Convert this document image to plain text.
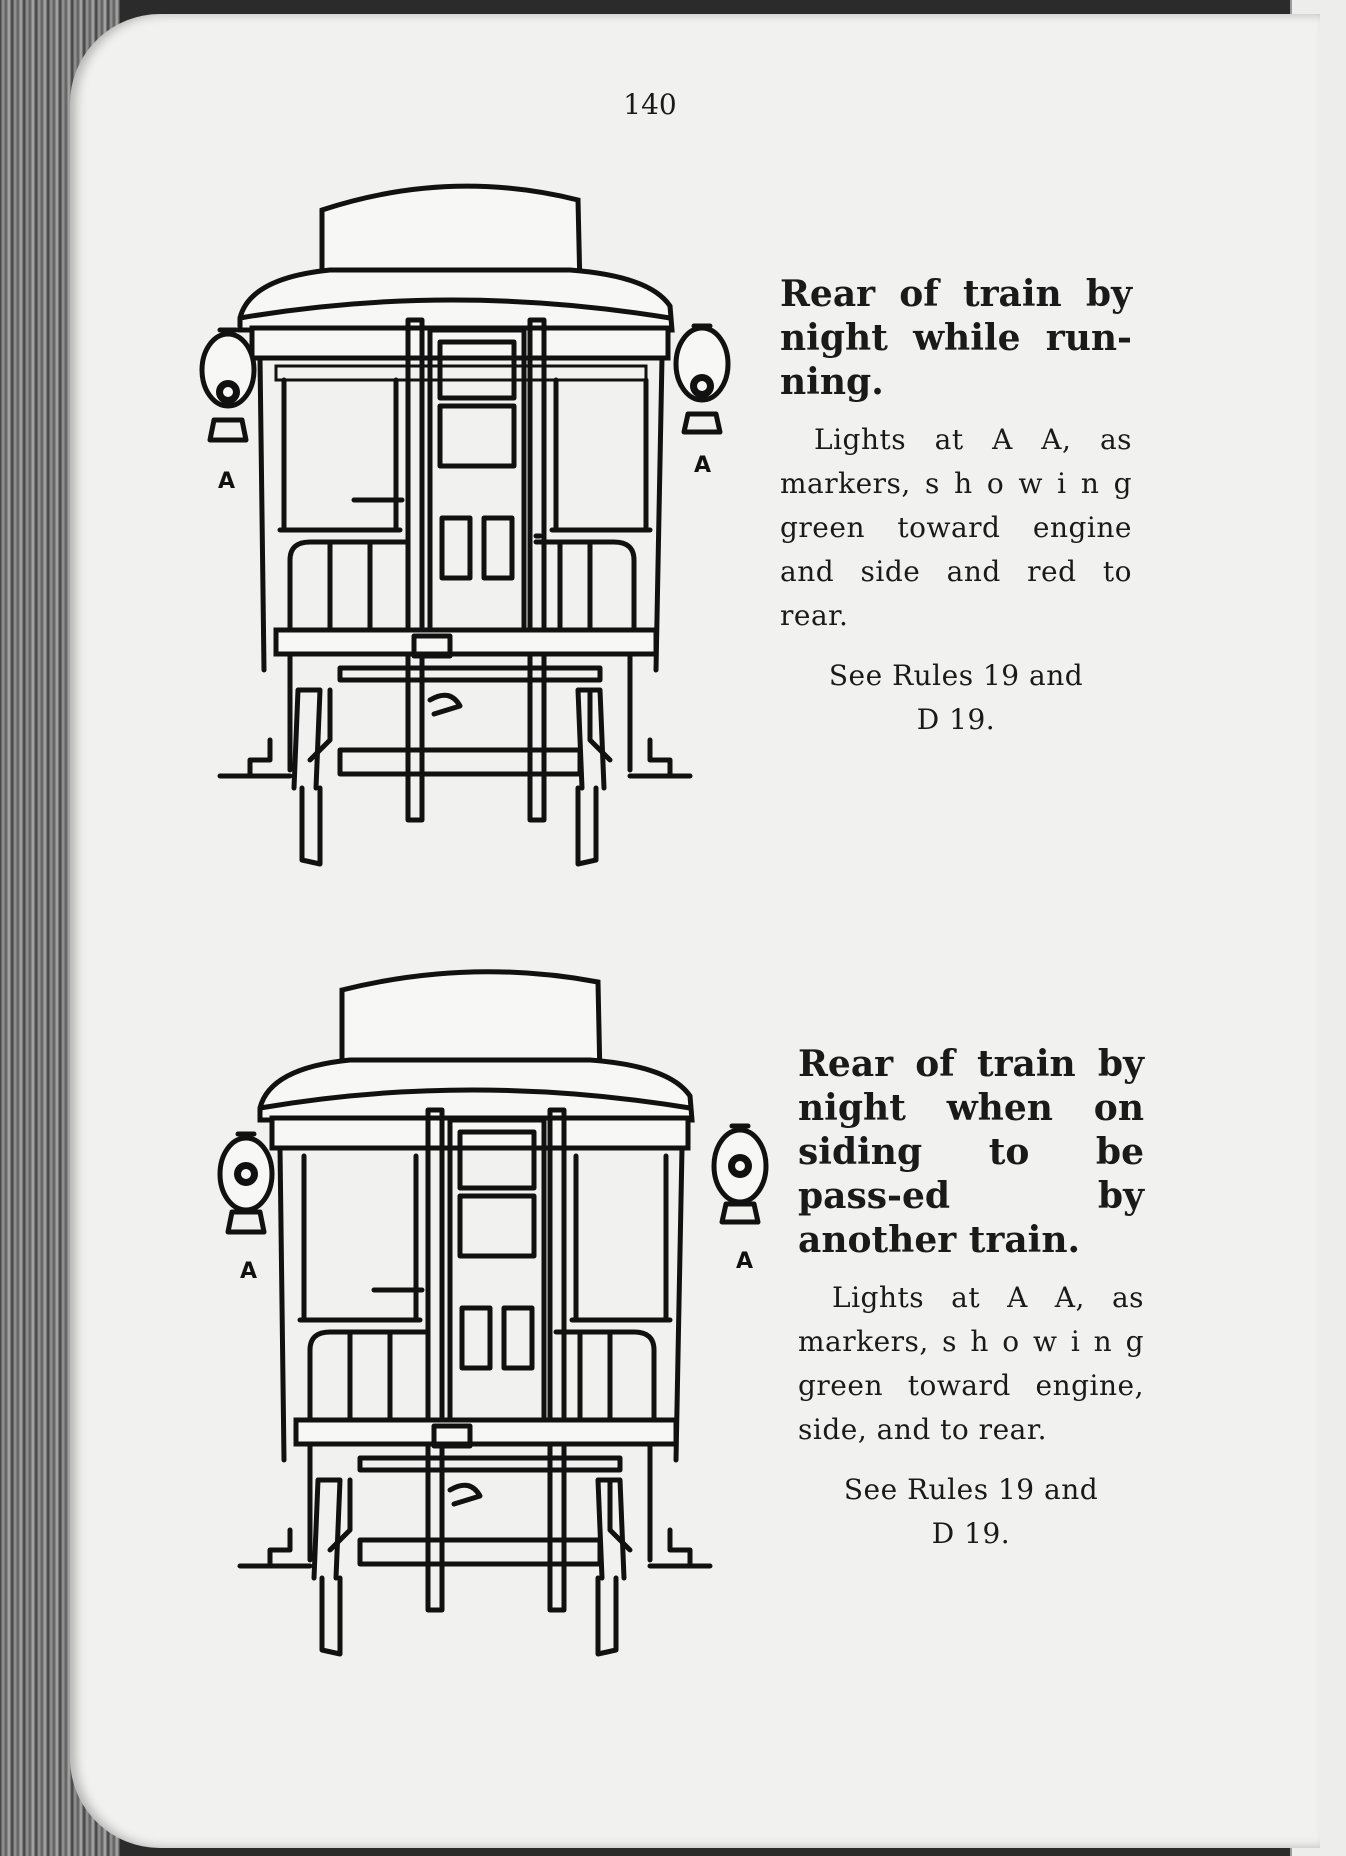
140
A
A
Rear of train by night while run-ning.

Lights at A A, as markers, s h o w i n g green toward engine and side and red to rear.

See Rules 19 and
D 19.
A	A
Rear of train by night when on siding to be pass-ed by another train.

Lights at A A, as markers, s h o w i n g green toward engine, side, and to rear.

See Rules 19 and
D 19.
